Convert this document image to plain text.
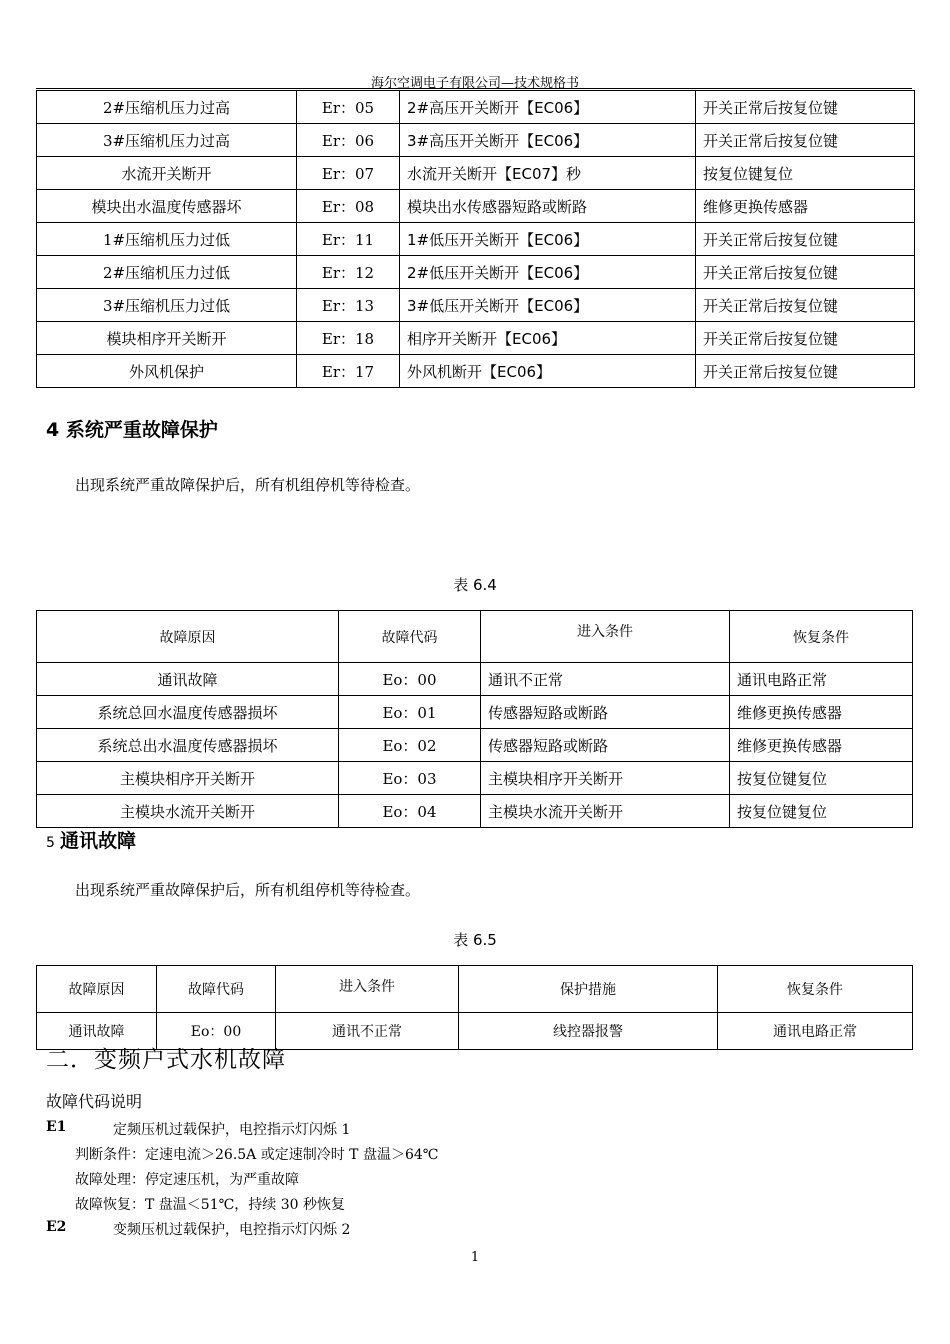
海尔空调电子有限公司—技术规格书
2#压缩机压力过高	Er：05	2#高压开关断开【EC06】	开关正常后按复位键
3#压缩机压力过高	Er：06	3#高压开关断开【EC06】	开关正常后按复位键
水流开关断开	Er：07	水流开关断开【EC07】秒	按复位键复位
模块出水温度传感器坏	Er：08	模块出水传感器短路或断路	维修更换传感器
1#压缩机压力过低	Er：11	1#低压开关断开【EC06】	开关正常后按复位键
2#压缩机压力过低	Er：12	2#低压开关断开【EC06】	开关正常后按复位键
3#压缩机压力过低	Er：13	3#低压开关断开【EC06】	开关正常后按复位键
模块相序开关断开	Er：18	相序开关断开【EC06】	开关正常后按复位键
外风机保护	Er：17	外风机断开【EC06】	开关正常后按复位键
4 系统严重故障保护
出现系统严重故障保护后，所有机组停机等待检查。
表 6.4
故障原因	故障代码	进入条件	恢复条件
通讯故障	Eo：00	通讯不正常	通讯电路正常
系统总回水温度传感器损坏	Eo：01	传感器短路或断路	维修更换传感器
系统总出水温度传感器损坏	Eo：02	传感器短路或断路	维修更换传感器
主模块相序开关断开	Eo：03	主模块相序开关断开	按复位键复位
主模块水流开关断开	Eo：04	主模块水流开关断开	按复位键复位
5 通讯故障
出现系统严重故障保护后，所有机组停机等待检查。
表 6.5
故障原因	故障代码	进入条件	保护措施	恢复条件
通讯故障	Eo：00	通讯不正常	线控器报警	通讯电路正常
二．变频户式水机故障
故障代码说明
E1	定频压机过载保护，电控指示灯闪烁 1
判断条件：定速电流＞26.5A 或定速制冷时 T 盘温＞64℃
故障处理：停定速压机，为严重故障
故障恢复：T 盘温＜51℃，持续 30 秒恢复
E2	变频压机过载保护，电控指示灯闪烁 2
1
